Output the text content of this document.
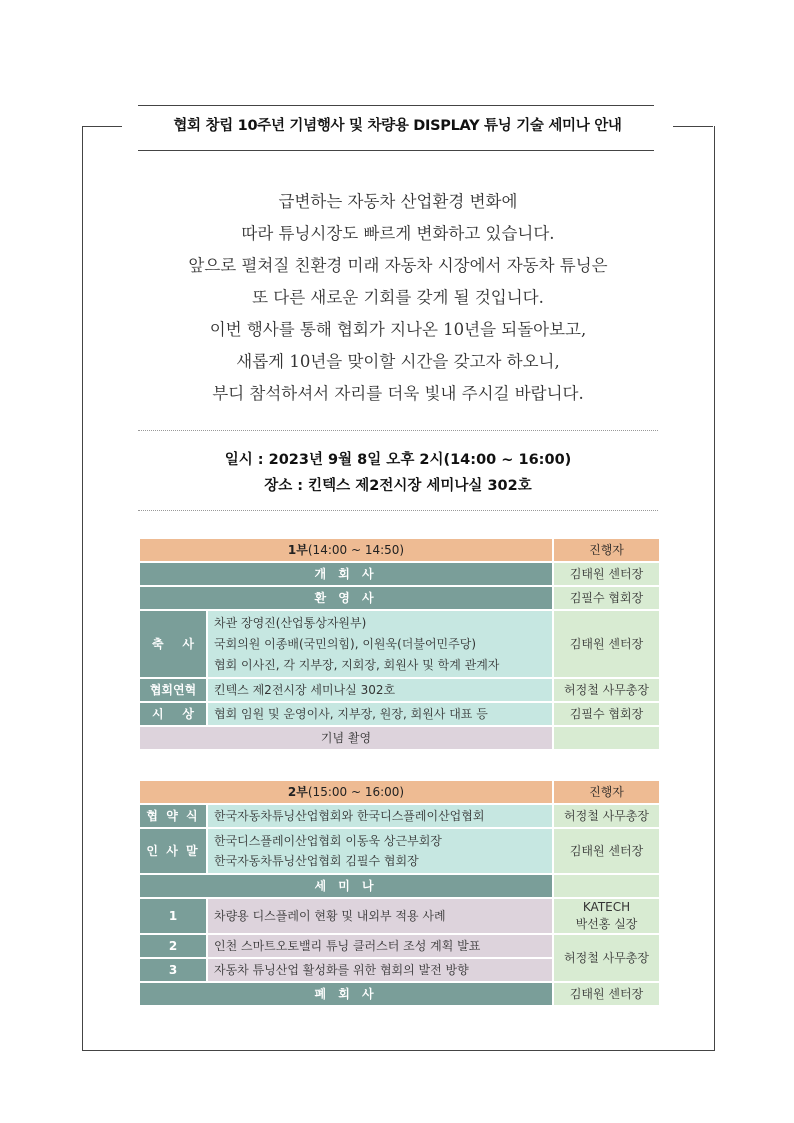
협회 창립 10주년 기념행사 및 차량용 DISPLAY 튜닝 기술 세미나 안내
급변하는 자동차 산업환경 변화에
따라 튜닝시장도 빠르게 변화하고 있습니다.
앞으로 펼쳐질 친환경 미래 자동차 시장에서 자동차 튜닝은
또 다른 새로운 기회를 갖게 될 것입니다.
이번 행사를 통해 협회가 지나온 10년을 되돌아보고,
새롭게 10년을 맞이할 시간을 갖고자 하오니,
부디 참석하셔서 자리를 더욱 빛내 주시길 바랍니다.
일시 : 2023년 9월 8일 오후 2시(14:00 ~ 16:00)
장소 : 킨텍스 제2전시장 세미나실 302호
1부(14:00 ~ 14:50)		진행자
개 회 사		김태원 센터장
환 영 사		김필수 협회장

축 사	차관 장영진(산업통상자원부)
국회의원 이종배(국민의힘), 이원욱(더불어민주당)
협회 이사진, 각 지부장, 지회장, 회원사 및 학계 관계자	김태원 센터장
협회연혁	킨텍스 제2전시장 세미나실 302호	허정철 사무총장

시 상	협회 임원 및 운영이사, 지부장, 원장, 회원사 대표 등	김필수 협회장
기념 촬영		
2부(15:00 ~ 16:00)		진행자
협 약 식	한국자동차튜닝산업협회와 한국디스플레이산업협회	허정철 사무총장
인 사 말	한국디스플레이산업협회 이동욱 상근부회장
한국자동차튜닝산업협회 김필수 협회장	김태원 센터장
세 미 나		
1	차량용 디스플레이 현황 및 내외부 적용 사례	KATECH
박선홍 실장

2	인천 스마트오토밸리 튜닝 클러스터 조성 계획 발표	허정철 사무총장
3	자동차 튜닝산업 활성화를 위한 협회의 발전 방향	
폐 회 사		김태원 센터장
